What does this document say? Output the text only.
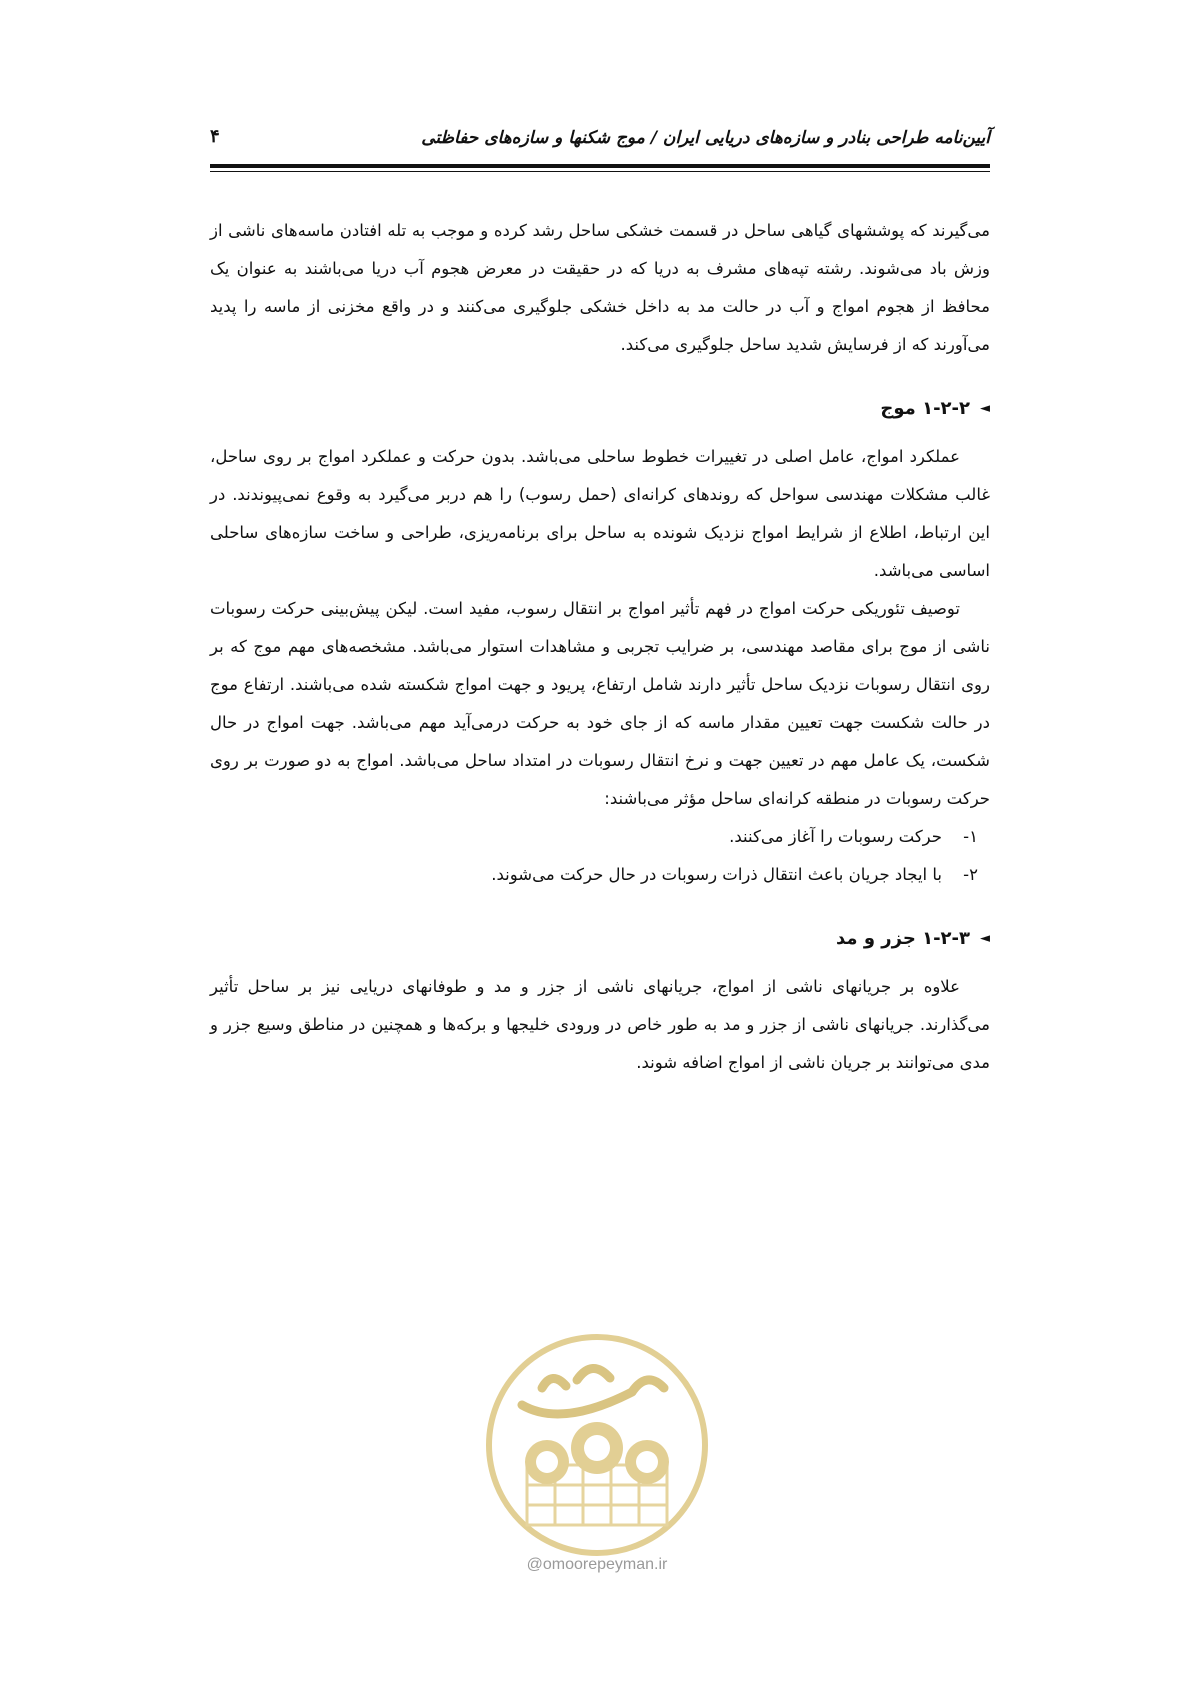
آیین‌نامه طراحی بنادر و سازه‌های دریایی ایران / موج شکنها و سازه‌های حفاظتی
۴

می‌گیرند که پوششهای گیاهی ساحل در قسمت خشکی ساحل رشد کرده و موجب به تله افتادن ماسه‌های ناشی از وزش باد می‌شوند. رشته تپه‌های مشرف به دریا که در حقیقت در معرض هجوم آب دریا می‌باشند به عنوان یک محافظ از هجوم امواج و آب در حالت مد به داخل خشکی جلوگیری می‌کنند و در واقع مخزنی از ماسه را پدید می‌آورند که از فرسایش شدید ساحل جلوگیری می‌کند.

◄
۱-۲-۲ موج

عملکرد امواج، عامل اصلی در تغییرات خطوط ساحلی می‌باشد. بدون حرکت و عملکرد امواج بر روی ساحل، غالب مشکلات مهندسی سواحل که روندهای کرانه‌ای (حمل رسوب) را هم دربر می‌گیرد به وقوع نمی‌پیوندند. در این ارتباط، اطلاع از شرایط امواج نزدیک شونده به ساحل برای برنامه‌ریزی، طراحی و ساخت سازه‌های ساحلی اساسی می‌باشد.

توصیف تئوریکی حرکت امواج در فهم تأثیر امواج بر انتقال رسوب، مفید است. لیکن پیش‌بینی حرکت رسوبات ناشی از موج برای مقاصد مهندسی، بر ضرایب تجربی و مشاهدات استوار می‌باشد. مشخصه‌های مهم موج که بر روی انتقال رسوبات نزدیک ساحل تأثیر دارند شامل ارتفاع، پریود و جهت امواج شکسته شده می‌باشند. ارتفاع موج در حالت شکست جهت تعیین مقدار ماسه که از جای خود به حرکت درمی‌آید مهم می‌باشد. جهت امواج در حال شکست، یک عامل مهم در تعیین جهت و نرخ انتقال رسوبات در امتداد ساحل می‌باشد. امواج به دو صورت بر روی حرکت رسوبات در منطقه کرانه‌ای ساحل مؤثر می‌باشند:

۱-
حرکت رسوبات را آغاز می‌کنند.
۲-
با ایجاد جریان باعث انتقال ذرات رسوبات در حال حرکت می‌شوند.

◄
۱-۲-۳ جزر و مد

علاوه بر جریانهای ناشی از امواج، جریانهای ناشی از جزر و مد و طوفانهای دریایی نیز بر ساحل تأثیر می‌گذارند. جریانهای ناشی از جزر و مد به طور خاص در ورودی خلیجها و برکه‌ها و همچنین در مناطق وسیع جزر و مدی می‌توانند بر جریان ناشی از امواج اضافه شوند.

@omoorepeyman.ir
